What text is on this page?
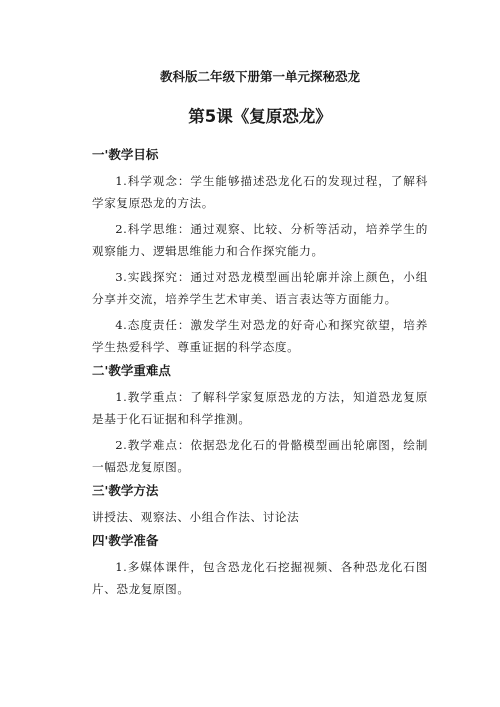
教科版二年级下册第一单元探秘恐龙
第5课《复原恐龙》
一'教学目标

1.科学观念：学生能够描述恐龙化石的发现过程，了解科学家复原恐龙的方法。

2.科学思维：通过观察、比较、分析等活动，培养学生的观察能力、逻辑思维能力和合作探究能力。

3.实践探究：通过对恐龙模型画出轮廓并涂上颜色，小组分享并交流，培养学生艺术审美、语言表达等方面能力。

4.态度责任：激发学生对恐龙的好奇心和探究欲望，培养学生热爱科学、尊重证据的科学态度。

二'教学重难点

1.教学重点：了解科学家复原恐龙的方法，知道恐龙复原是基于化石证据和科学推测。

2.教学难点：依据恐龙化石的骨骼模型画出轮廓图，绘制一幅恐龙复原图。

三'教学方法

讲授法、观察法、小组合作法、讨论法

四'教学准备

1.多媒体课件，包含恐龙化石挖掘视频、各种恐龙化石图片、恐龙复原图。
